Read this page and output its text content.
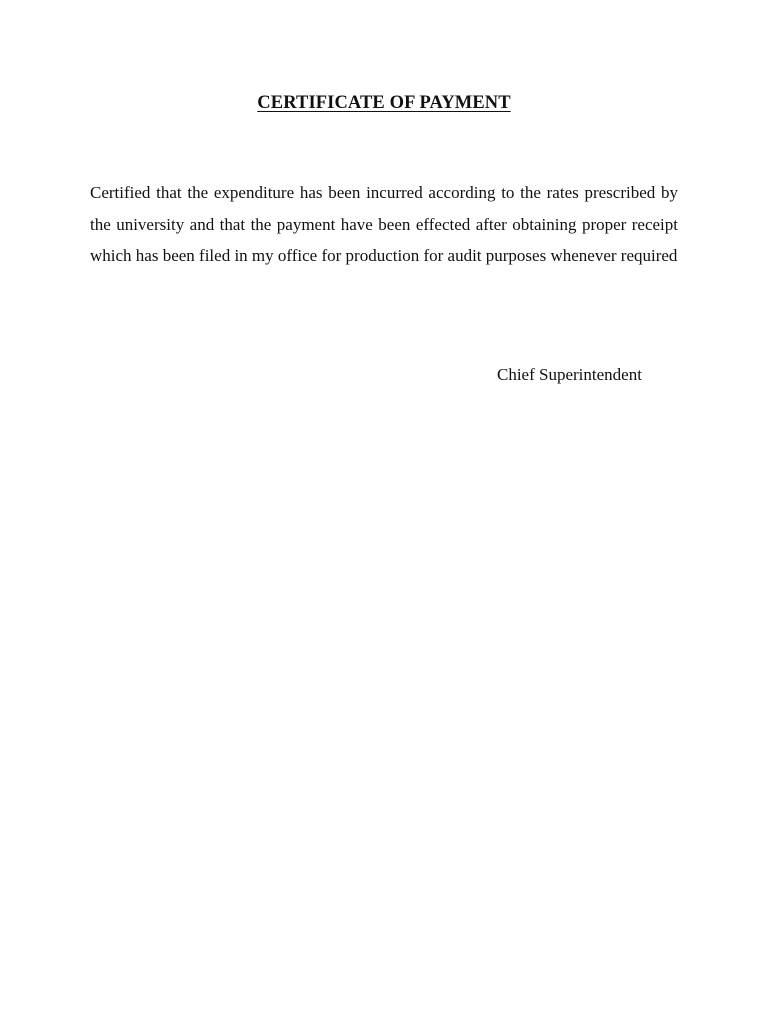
CERTIFICATE OF PAYMENT

Certified that the expenditure has been incurred according to the rates prescribed by the university and that the payment have been effected after obtaining proper receipt which has been filed in my office for production for audit purposes whenever required

Chief Superintendent
